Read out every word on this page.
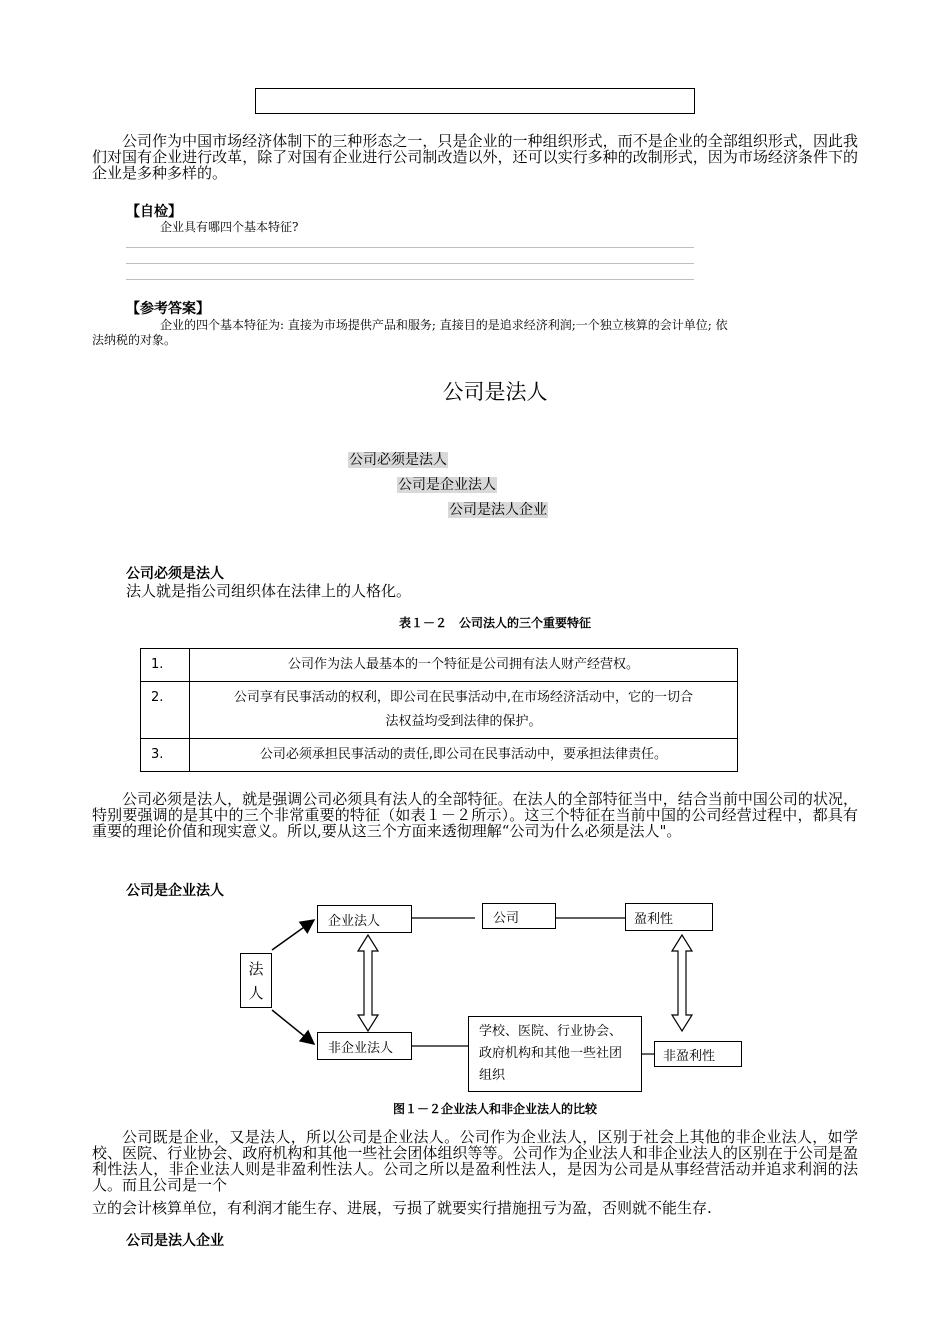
公司作为中国市场经济体制下的三种形态之一，只是企业的一种组织形式，而不是企业的全部组织形式，因此我们对国有企业进行改革，除了对国有企业进行公司制改造以外，还可以实行多种的改制形式，因为市场经济条件下的企业是多种多样的。
【自检】
企业具有哪四个基本特征?
【参考答案】
企业的四个基本特征为: 直接为市场提供产品和服务; 直接目的是追求经济利润;一个独立核算的会计单位; 依
法纳税的对象。
公司是法人
公司必须是法人
公司是企业法人
公司是法人企业
公司必须是法人
法人就是指公司组织体在法律上的人格化。
表１－２　公司法人的三个重要特征
1.	公司作为法人最基本的一个特征是公司拥有法人财产经营权。
2.	公司享有民事活动的权利，即公司在民事活动中,在市场经济活动中，它的一切合法权益均受到法律的保护。
3.	公司必须承担民事活动的责任,即公司在民事活动中，要承担法律责任。
公司必须是法人，就是强调公司必须具有法人的全部特征。在法人的全部特征当中，结合当前中国公司的状况，特别要强调的是其中的三个非常重要的特征（如表１－２所示）。这三个特征在当前中国的公司经营过程中，都具有重要的理论价值和现实意义。所以,要从这三个方面来透彻理解“公司为什么必须是法人"。
公司是企业法人
法人
企业法人	公司	盈利性
非企业法人
学校、医院、行业协会、政府机构和其他一些社团组织
非盈利性
图１－２企业法人和非企业法人的比较
公司既是企业，又是法人，所以公司是企业法人。公司作为企业法人，区别于社会上其他的非企业法人，如学校、医院、行业协会、政府机构和其他一些社会团体组织等等。公司作为企业法人和非企业法人的区别在于公司是盈利性法人，非企业法人则是非盈利性法人。公司之所以是盈利性法人，是因为公司是从事经营活动并追求利润的法人。而且公司是一个
立的会计核算单位，有利润才能生存、进展，亏损了就要实行措施扭亏为盈，否则就不能生存.
公司是法人企业
